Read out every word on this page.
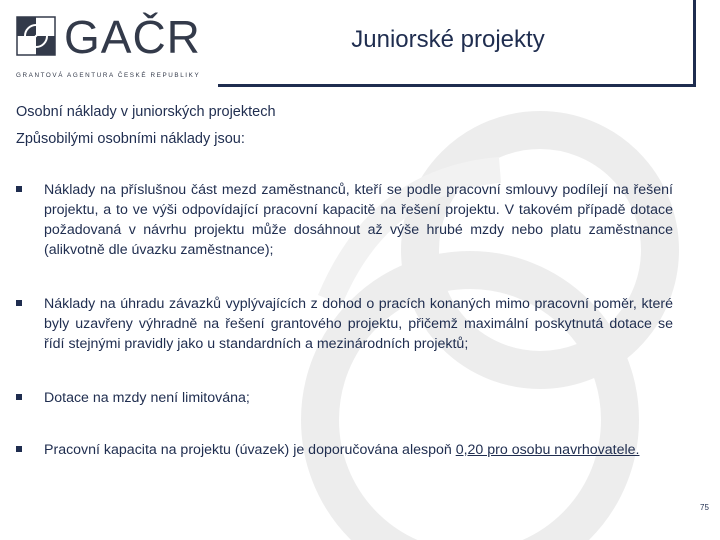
GAČR
GRANTOVÁ AGENTURA ČESKÉ REPUBLIKY
Juniorské projekty
Osobní náklady v juniorských projektech
Způsobilými osobními náklady jsou:
Náklady na příslušnou část mezd zaměstnanců, kteří se podle pracovní smlouvy podílejí na řešení projektu, a to ve výši odpovídající pracovní kapacitě na řešení projektu. V takovém případě dotace požadovaná v návrhu projektu může dosáhnout až výše hrubé mzdy nebo platu zaměstnance (alikvotně dle úvazku zaměstnance);
Náklady na úhradu závazků vyplývajících z dohod o pracích konaných mimo pracovní poměr, které byly uzavřeny výhradně na řešení grantového projektu, přičemž maximální poskytnutá dotace se řídí stejnými pravidly jako u standardních a mezinárodních projektů;
Dotace na mzdy není limitována;
Pracovní kapacita na projektu (úvazek) je doporučována alespoň 0,20 pro osobu navrhovatele.
75
